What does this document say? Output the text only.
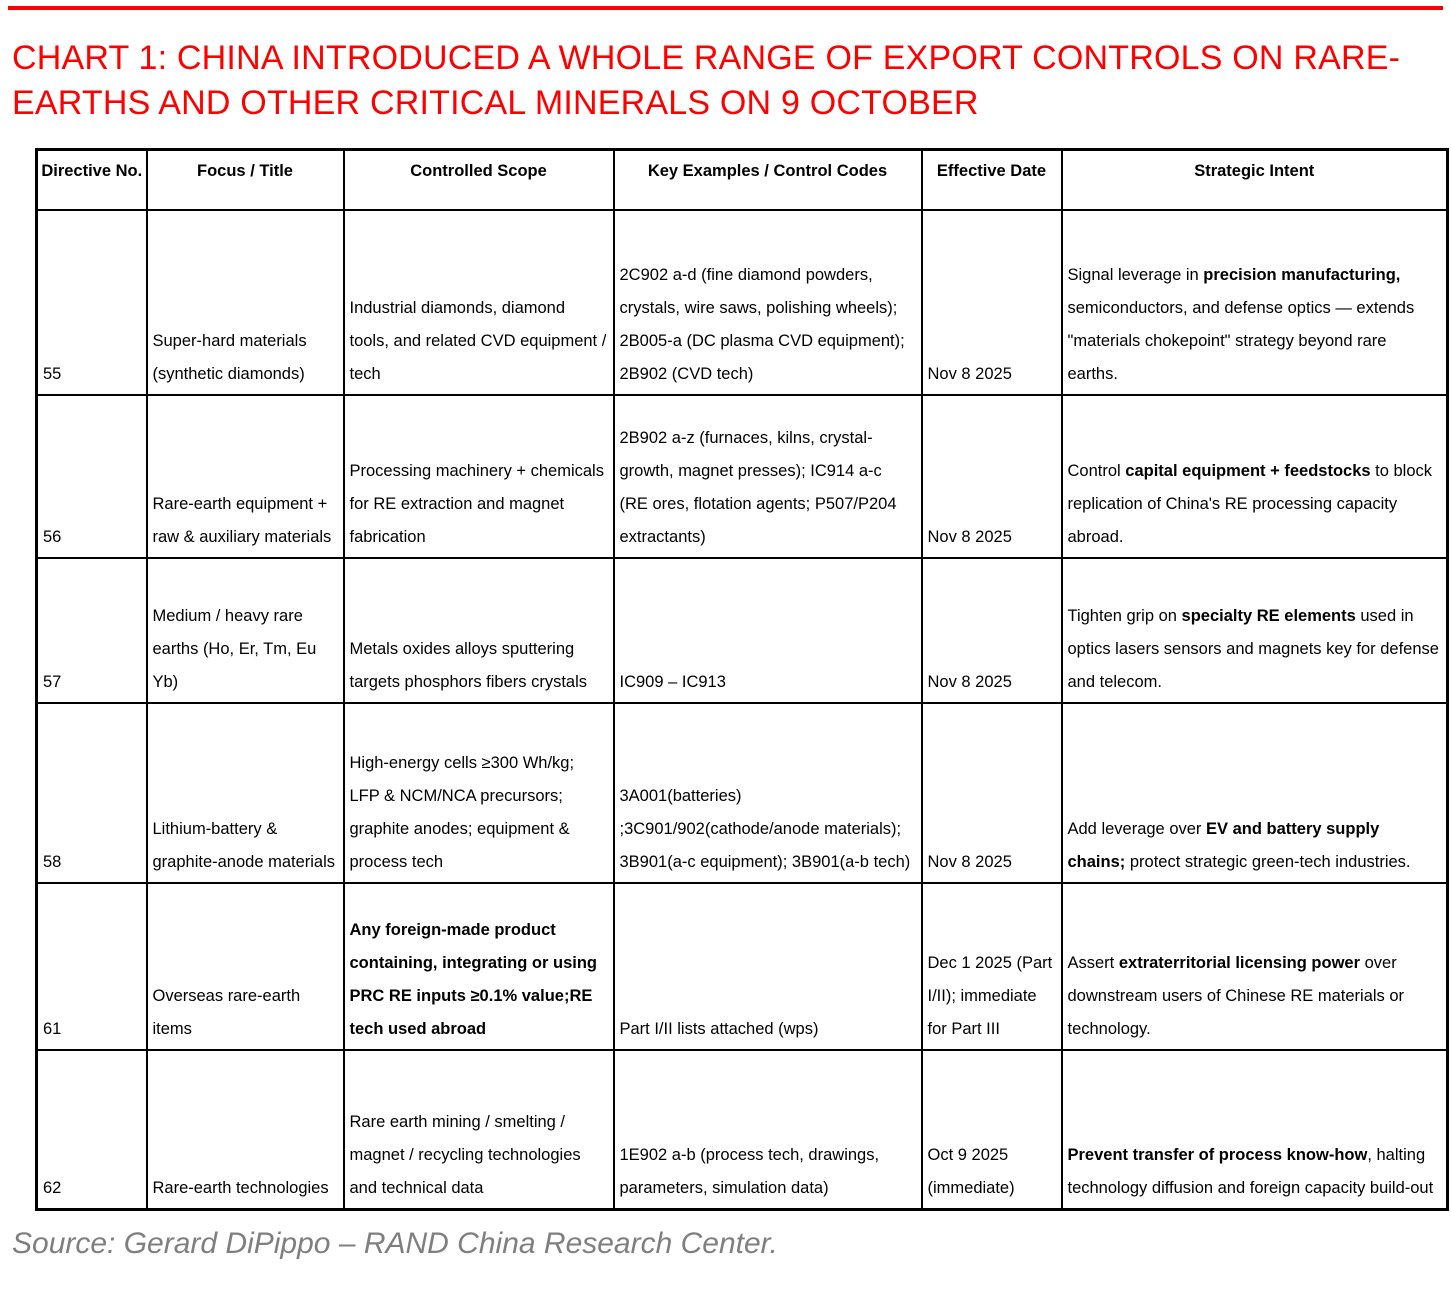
CHART 1: CHINA INTRODUCED A WHOLE RANGE OF EXPORT CONTROLS ON RARE-EARTHS AND OTHER CRITICAL MINERALS ON 9 OCTOBER
Directive No.	Focus / Title	Controlled Scope	Key Examples / Control Codes	Effective Date	Strategic Intent
55	Super-hard materials (synthetic diamonds)	Industrial diamonds, diamond tools, and related CVD equipment / tech	2C902 a-d (fine diamond powders, crystals, wire saws, polishing wheels); 2B005-a (DC plasma CVD equipment); 2B902 (CVD tech)	Nov 8 2025	Signal leverage in precision manufacturing, semiconductors, and defense optics — extends "materials chokepoint" strategy beyond rare earths.
56	Rare-earth equipment + raw & auxiliary materials	Processing machinery + chemicals for RE extraction and magnet fabrication	2B902 a-z (furnaces, kilns, crystal-growth, magnet presses); IC914 a-c (RE ores, flotation agents; P507/P204 extractants)	Nov 8 2025	Control capital equipment + feedstocks to block replication of China's RE processing capacity abroad.
57	Medium / heavy rare earths (Ho, Er, Tm, Eu Yb)	Metals oxides alloys sputtering targets phosphors fibers crystals	IC909 – IC913	Nov 8 2025	Tighten grip on specialty RE elements used in optics lasers sensors and magnets key for defense and telecom.
58	Lithium-battery & graphite-anode materials	High-energy cells ≥300 Wh/kg; LFP & NCM/NCA precursors; graphite anodes; equipment & process tech	3A001(batteries) ;3C901/902(cathode/anode materials); 3B901(a-c equipment); 3B901(a-b tech)	Nov 8 2025	Add leverage over EV and battery supply chains; protect strategic green-tech industries.
61	Overseas rare-earth items	Any foreign-made product containing, integrating or using PRC RE inputs ≥0.1% value;RE tech used abroad	Part I/II lists attached (wps)	Dec 1 2025 (Part I/II); immediate for Part III	Assert extraterritorial licensing power over downstream users of Chinese RE materials or technology.
62	Rare-earth technologies	Rare earth mining / smelting / magnet / recycling technologies and technical data	1E902 a-b (process tech, drawings, parameters, simulation data)	Oct 9 2025 (immediate)	Prevent transfer of process know-how, halting technology diffusion and foreign capacity build-out

Source: Gerard DiPippo – RAND China Research Center.
